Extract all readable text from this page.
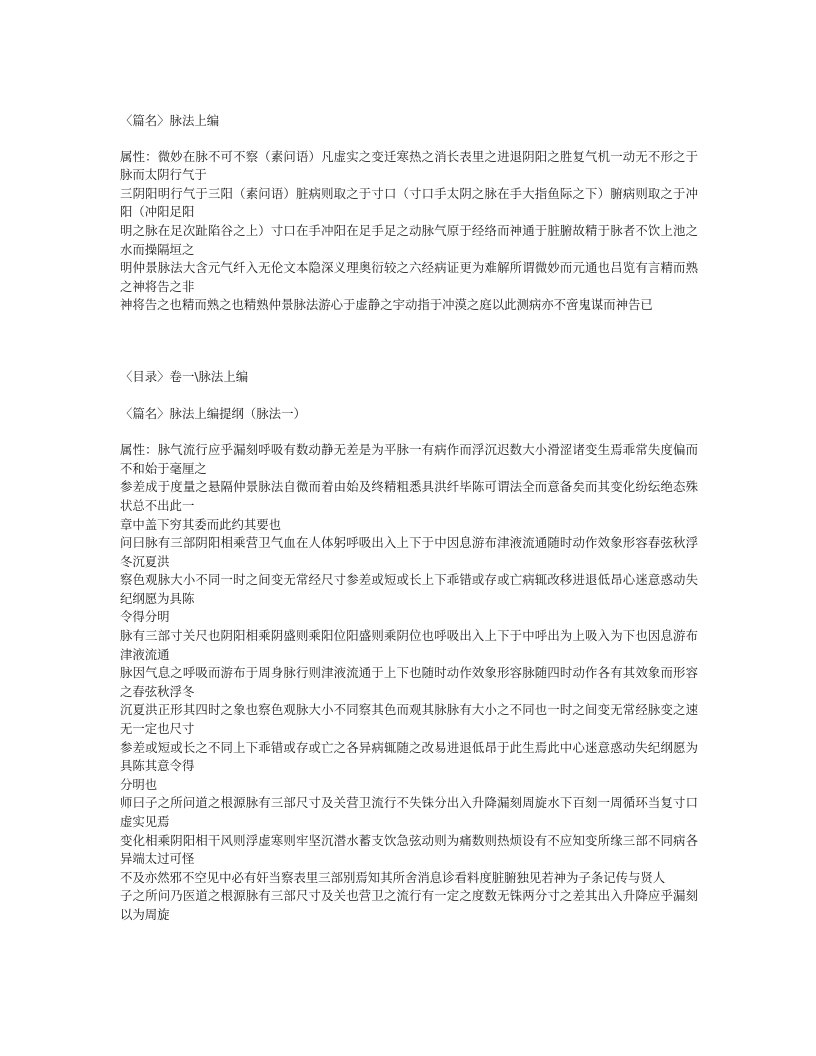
〈篇名〉脉法上编

属性：微妙在脉不可不察（素问语）凡虚实之变迁寒热之消长表里之进退阴阳之胜复气机一动无不形之于脉而太阴行气于

三阴阳明行气于三阳（素问语）脏病则取之于寸口（寸口手太阴之脉在手大指鱼际之下）腑病则取之于冲阳（冲阳足阳

明之脉在足次趾陷谷之上）寸口在手冲阳在足手足之动脉气原于经络而神通于脏腑故精于脉者不饮上池之水而操隔垣之

明仲景脉法大含元气纤入无伦文本隐深义理奥衍较之六经病证更为难解所谓微妙而元通也吕览有言精而熟之神将告之非

神将告之也精而熟之也精熟仲景脉法游心于虚静之宇动指于冲漠之庭以此测病亦不啻鬼谋而神告已

〈目录〉卷一\脉法上编

〈篇名〉脉法上编提纲（脉法一）

属性：脉气流行应乎漏刻呼吸有数动静无差是为平脉一有病作而浮沉迟数大小滑涩诸变生焉乖常失度偏而不和始于毫厘之

参差成于度量之悬隔仲景脉法自微而着由始及终精粗悉具洪纤毕陈可谓法全而意备矣而其变化纷纭绝态殊状总不出此一

章中盖下穷其委而此约其要也

问曰脉有三部阴阳相乘营卫气血在人体躬呼吸出入上下于中因息游布津液流通随时动作效象形容春弦秋浮冬沉夏洪

察色观脉大小不同一时之间变无常经尺寸参差或短或长上下乖错或存或亡病辄改移进退低昂心迷意惑动失纪纲愿为具陈

令得分明

脉有三部寸关尺也阴阳相乘阴盛则乘阳位阳盛则乘阴位也呼吸出入上下于中呼出为上吸入为下也因息游布津液流通

脉因气息之呼吸而游布于周身脉行则津液流通于上下也随时动作效象形容脉随四时动作各有其效象而形容之春弦秋浮冬

沉夏洪正形其四时之象也察色观脉大小不同察其色而观其脉脉有大小之不同也一时之间变无常经脉变之速无一定也尺寸

参差或短或长之不同上下乖错或存或亡之各异病辄随之改易进退低昂于此生焉此中心迷意惑动失纪纲愿为具陈其意令得

分明也

师曰子之所问道之根源脉有三部尺寸及关营卫流行不失铢分出入升降漏刻周旋水下百刻一周循环当复寸口虚实见焉

变化相乘阴阳相干风则浮虚寒则牢坚沉潜水蓄支饮急弦动则为痛数则热烦设有不应知变所缘三部不同病各异端太过可怪

不及亦然邪不空见中必有奸当察表里三部别焉知其所舍消息诊看料度脏腑独见若神为子条记传与贤人

子之所问乃医道之根源脉有三部尺寸及关也营卫之流行有一定之度数无铢两分寸之差其出入升降应乎漏刻以为周旋
